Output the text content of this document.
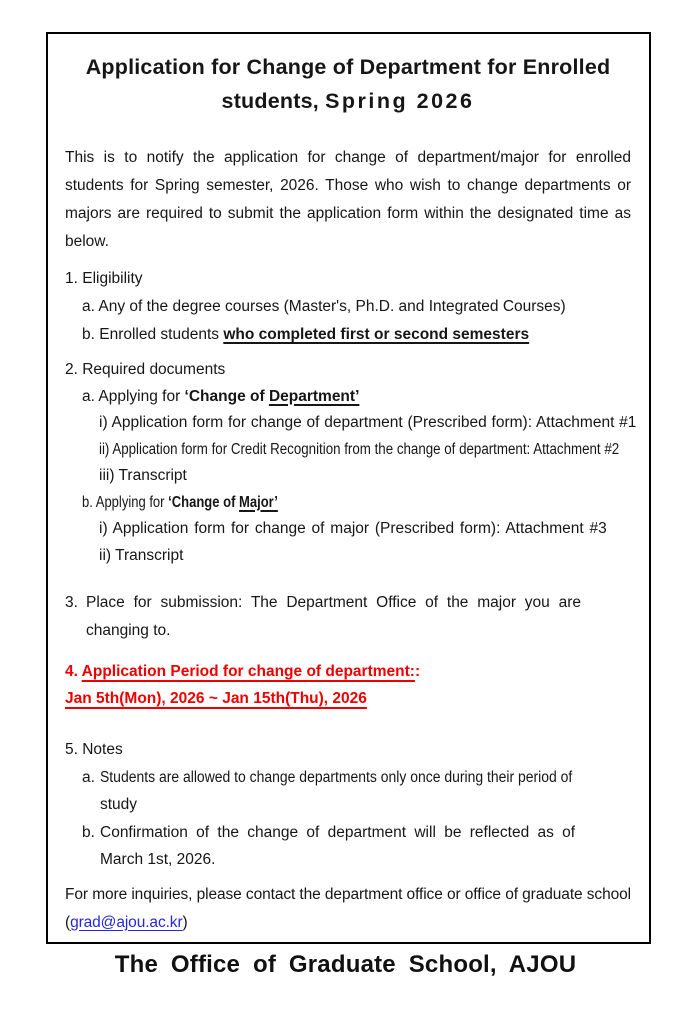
Application for Change of Department for Enrolled
students, Spring 2026

This is to notify the application for change of department/major for enrolled students for Spring semester, 2026. Those who wish to change departments or majors are required to submit the application form within the designated time as below.

1. Eligibility
a. Any of the degree courses (Master's, Ph.D. and Integrated Courses)
b. Enrolled students who completed first or second semesters
2. Required documents
a. Applying for ‘Change of Department’
i) Application form for change of department (Prescribed form): Attachment #1
ii) Application form for Credit Recognition from the change of department: Attachment #2
iii) Transcript
b. Applying for ‘Change of Major’
i) Application form for change of major (Prescribed form): Attachment #3
ii) Transcript
3. Place for submission: The Department Office of the major you are
changing to.
4. Application Period for change of department::
Jan 5th(Mon), 2026 ~ Jan 15th(Thu), 2026
5. Notes
a. Students are allowed to change departments only once during their period of
study
b. Confirmation of the change of department will be reflected as of
March 1st, 2026.

For more inquiries, please contact the department office or office of graduate school (grad@ajou.ac.kr)

The Office of Graduate School, AJOU
